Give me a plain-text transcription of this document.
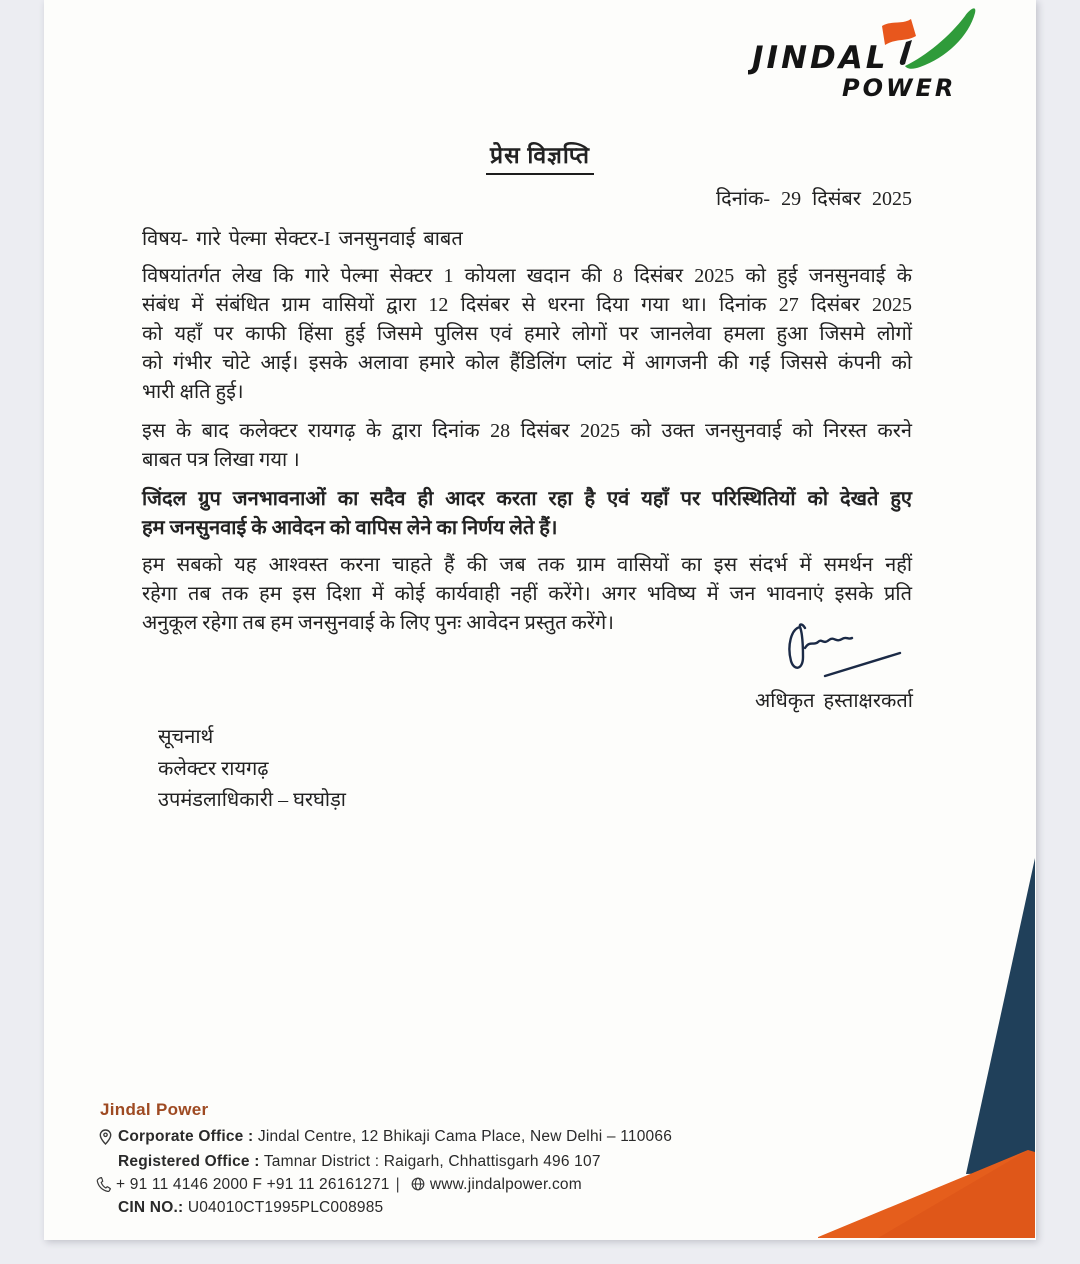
JINDAL
POWER
प्रेस विज्ञप्ति
दिनांक- 29 दिसंबर 2025
विषय- गारे पेल्मा सेक्टर-I जनसुनवाई बाबत
विषयांतर्गत लेख कि गारे पेल्मा सेक्टर 1 कोयला खदान की 8 दिसंबर 2025 को हुई जनसुनवाई के
संबंध में संबंधित ग्राम वासियों द्वारा 12 दिसंबर से धरना दिया गया था। दिनांक 27 दिसंबर 2025
को यहाँ पर काफी हिंसा हुई जिसमे पुलिस एवं हमारे लोगों पर जानलेवा हमला हुआ जिसमे लोगों
को गंभीर चोटे आई। इसके अलावा हमारे कोल हैंडिलिंग प्लांट में आगजनी की गई जिससे कंपनी को
भारी क्षति हुई।
इस के बाद कलेक्टर रायगढ़ के द्वारा दिनांक 28 दिसंबर 2025 को उक्त जनसुनवाई को निरस्त करने
बाबत पत्र लिखा गया ।
जिंदल ग्रुप जनभावनाओं का सदैव ही आदर करता रहा है एवं यहाँ पर परिस्थितियों को देखते हुए
हम जनसुनवाई के आवेदन को वापिस लेने का निर्णय लेते हैं।
हम सबको यह आश्वस्त करना चाहते हैं की जब तक ग्राम वासियों का इस संदर्भ में समर्थन नहीं
रहेगा तब तक हम इस दिशा में कोई कार्यवाही नहीं करेंगे। अगर भविष्य में जन भावनाएं इसके प्रति
अनुकूल रहेगा तब हम जनसुनवाई के लिए पुनः आवेदन प्रस्तुत करेंगे।
अधिकृत हस्ताक्षरकर्ता
सूचनार्थ
कलेक्टर रायगढ़
उपमंडलाधिकारी – घरघोड़ा
Jindal Power
Corporate Office : Jindal Centre, 12 Bhikaji Cama Place, New Delhi – 110066
Registered Office : Tamnar District : Raigarh, Chhattisgarh 496 107
+ 91 11 4146 2000 F +91 11 26161271 | www.jindalpower.com
CIN NO.: U04010CT1995PLC008985
